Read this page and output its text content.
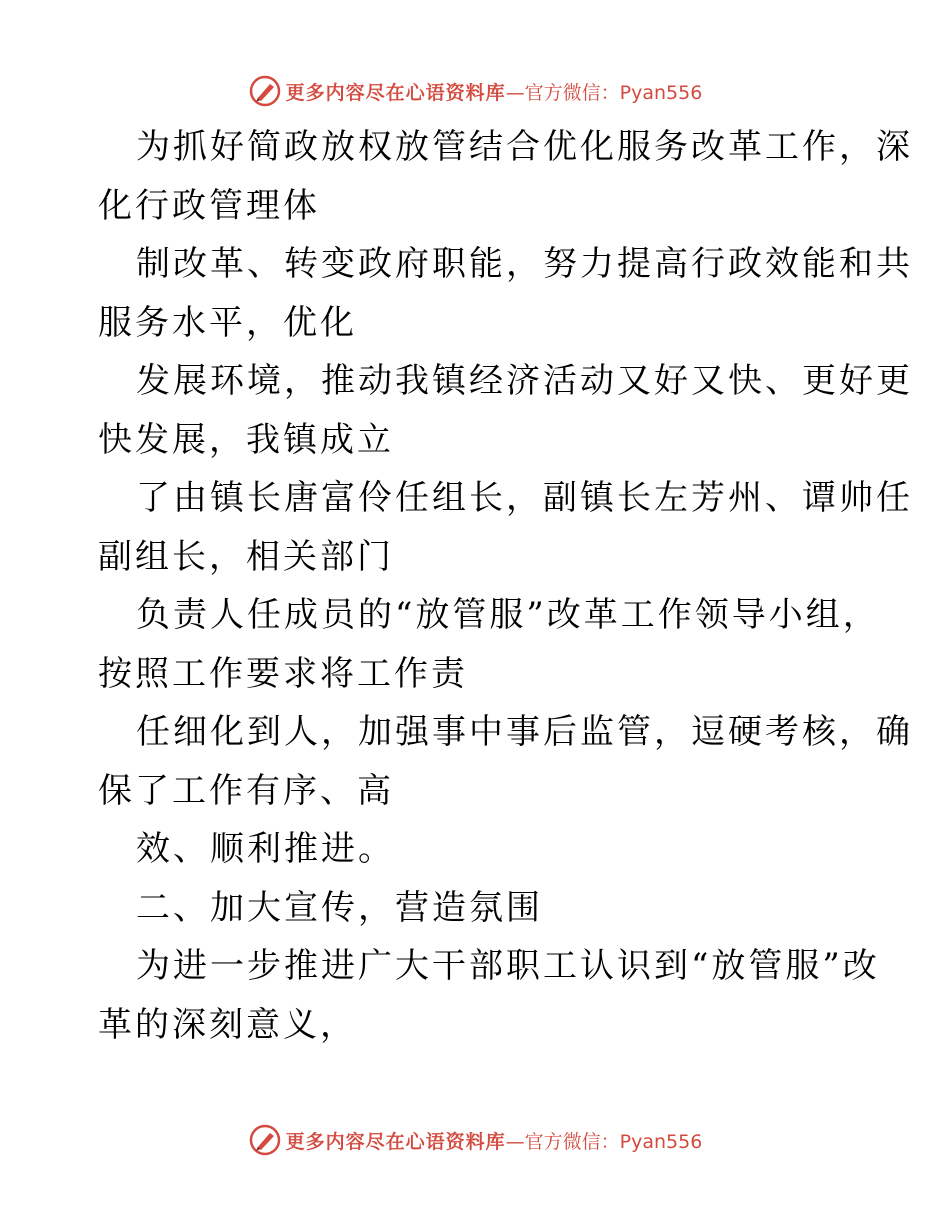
更多内容尽在心语资料库 —官方微信：Pyan556
为抓好简政放权放管结合优化服务改革工作，深
化行政管理体
制改革、转变政府职能，努力提高行政效能和共
服务水平，优化
发展环境，推动我镇经济活动又好又快、更好更
快发展，我镇成立
了由镇长唐富伶任组长，副镇长左芳州、谭帅任
副组长，相关部门
负责人任成员的“放管服”改革工作领导小组，
按照工作要求将工作责
任细化到人，加强事中事后监管，逗硬考核，确
保了工作有序、高
效、顺利推进。
二、加大宣传，营造氛围
为进一步推进广大干部职工认识到“放管服”改
革的深刻意义，
更多内容尽在心语资料库 —官方微信：Pyan556
